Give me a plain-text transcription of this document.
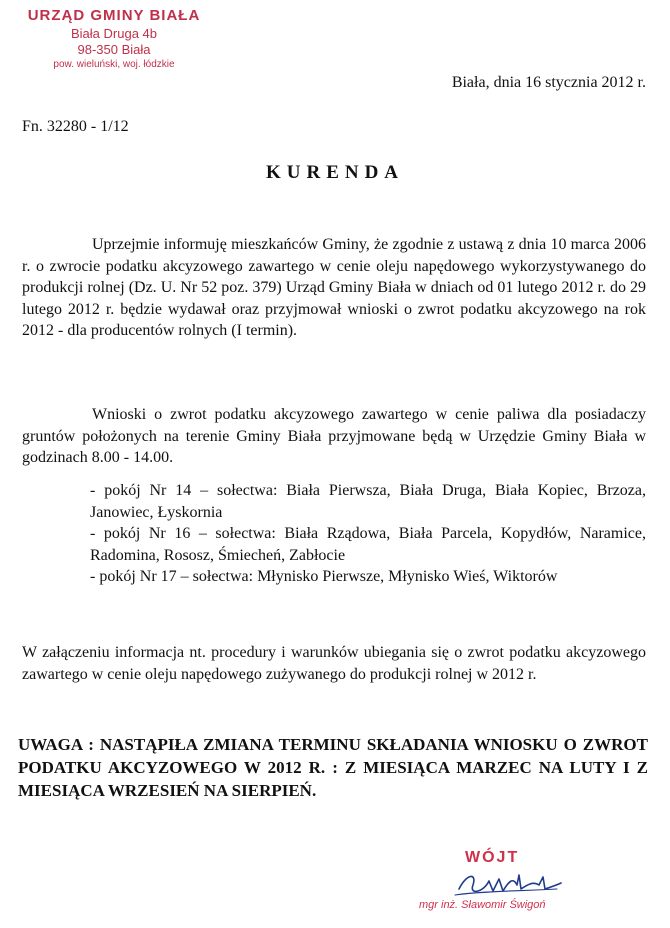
URZĄD GMINY BIAŁA
Biała Druga 4b
98-350 Biała
pow. wieluński, woj. łódzkie
Biała, dnia 16 stycznia 2012 r.
Fn. 32280 - 1/12
KURENDA

Uprzejmie informuję mieszkańców Gminy, że zgodnie z ustawą z dnia 10 marca 2006 r. o zwrocie podatku akcyzowego zawartego w cenie oleju napędowego wykorzystywanego do produkcji rolnej (Dz. U. Nr 52 poz. 379) Urząd Gminy Biała w dniach od 01 lutego 2012 r. do 29 lutego 2012 r. będzie wydawał oraz przyjmował wnioski o zwrot podatku akcyzowego na rok 2012 - dla producentów rolnych (I termin).

Wnioski o zwrot podatku akcyzowego zawartego w cenie paliwa dla posiadaczy gruntów położonych na terenie Gminy Biała przyjmowane będą w Urzędzie Gminy Biała w godzinach 8.00 - 14.00.

- pokój Nr 14 – sołectwa: Biała Pierwsza, Biała Druga, Biała Kopiec, Brzoza, Janowiec, Łyskornia

- pokój Nr 16 – sołectwa: Biała Rządowa, Biała Parcela, Kopydłów, Naramice, Radomina, Rososz, Śmiecheń, Zabłocie

- pokój Nr 17 – sołectwa: Młynisko Pierwsze, Młynisko Wieś, Wiktorów

W załączeniu informacja nt. procedury i warunków ubiegania się o zwrot podatku akcyzowego zawartego w cenie oleju napędowego zużywanego do produkcji rolnej w 2012 r.

UWAGA : NASTĄPIŁA ZMIANA TERMINU SKŁADANIA WNIOSKU O ZWROT PODATKU AKCYZOWEGO W 2012 R. : Z MIESIĄCA MARZEC NA LUTY I Z MIESIĄCA WRZESIEŃ NA SIERPIEŃ.

WÓJT
mgr inż. Sławomir Świgoń
